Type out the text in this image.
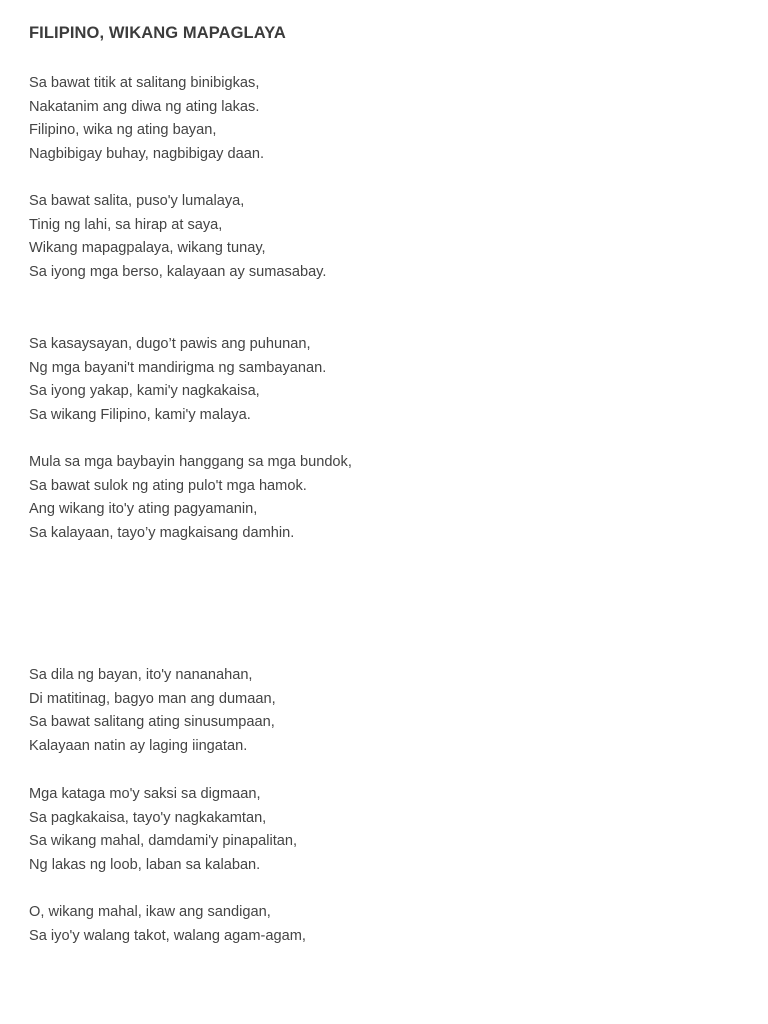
FILIPINO, WIKANG MAPAGLAYA
Sa bawat titik at salitang binibigkas,
Nakatanim ang diwa ng ating lakas.
Filipino, wika ng ating bayan,
Nagbibigay buhay, nagbibigay daan.
Sa bawat salita, puso'y lumalaya,
Tinig ng lahi, sa hirap at saya,
Wikang mapagpalaya, wikang tunay,
Sa iyong mga berso, kalayaan ay sumasabay.
Sa kasaysayan, dugo’t pawis ang puhunan,
Ng mga bayani't mandirigma ng sambayanan.
Sa iyong yakap, kami'y nagkakaisa,
Sa wikang Filipino, kami'y malaya.
Mula sa mga baybayin hanggang sa mga bundok,
Sa bawat sulok ng ating pulo't mga hamok.
Ang wikang ito'y ating pagyamanin,
Sa kalayaan, tayo’y magkaisang damhin.
Sa dila ng bayan, ito'y nananahan,
Di matitinag, bagyo man ang dumaan,
Sa bawat salitang ating sinusumpaan,
Kalayaan natin ay laging iingatan.
Mga kataga mo'y saksi sa digmaan,
Sa pagkakaisa, tayo'y nagkakamtan,
Sa wikang mahal, damdami'y pinapalitan,
Ng lakas ng loob, laban sa kalaban.
O, wikang mahal, ikaw ang sandigan,
Sa iyo'y walang takot, walang agam-agam,
